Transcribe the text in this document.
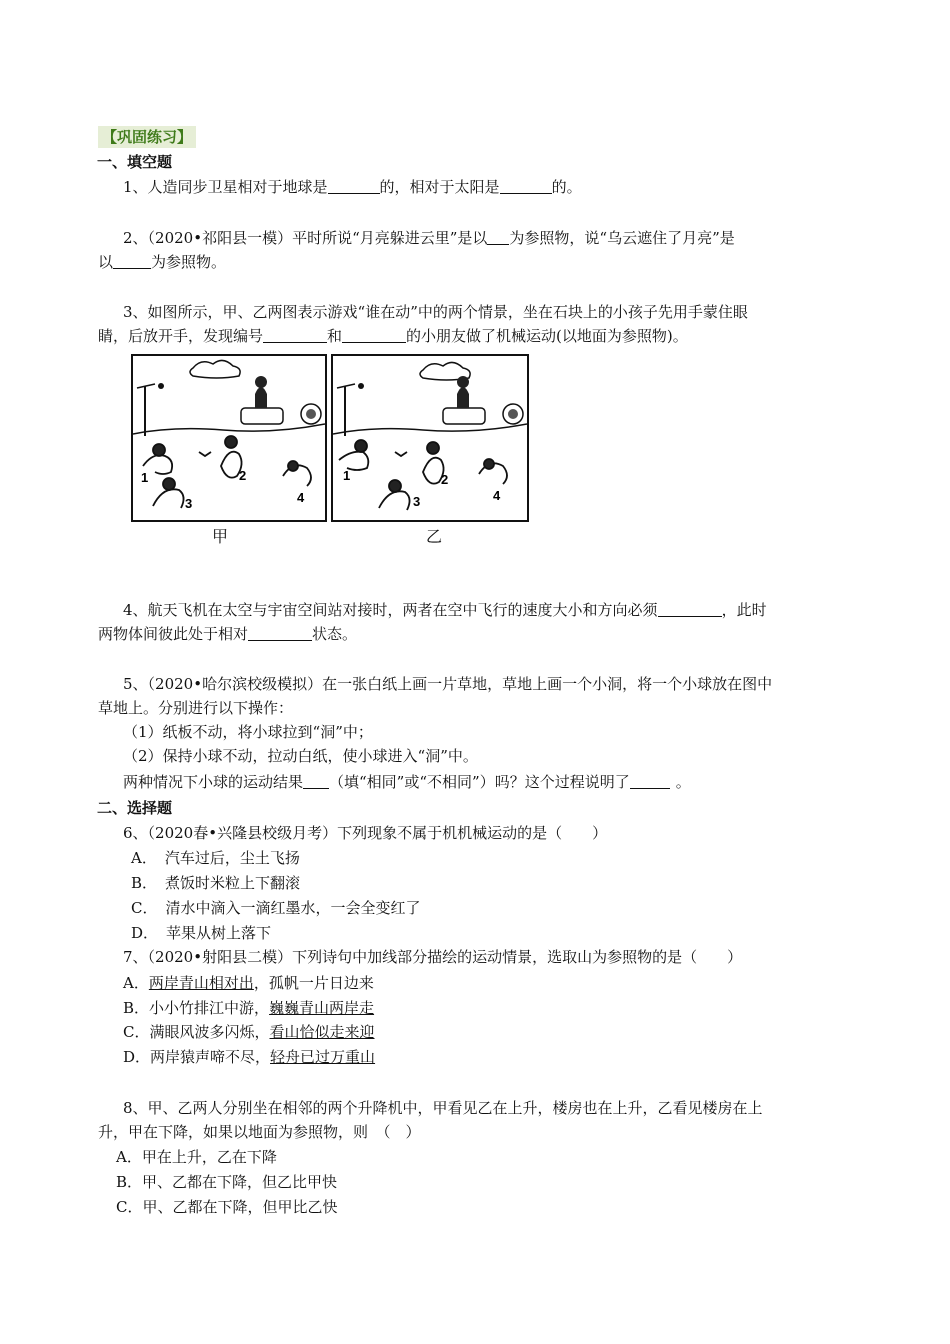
【巩固练习】
一、填空题
1、人造同步卫星相对于地球是	的，相对于太阳是	的。
2、（2020•祁阳县一模）平时所说“月亮躲进云里”是以 为参照物，说“乌云遮住了月亮”是
以	为参照物。
3、如图所示，甲、乙两图表示游戏“谁在动”中的两个情景，坐在石块上的小孩子先用手蒙住眼
睛，后放开手，发现编号	和	的小朋友做了机械运动(以地面为参照物)。
1	2
3	4
1	2
3	4
甲	乙
4、航天飞机在太空与宇宙空间站对接时，两者在空中飞行的速度大小和方向必须	，此时
两物体间彼此处于相对	状态。
5、（2020•哈尔滨校级模拟）在一张白纸上画一片草地，草地上画一个小洞，将一个小球放在图中
草地上。分别进行以下操作：
（1）纸板不动，将小球拉到“洞”中；
（2）保持小球不动，拉动白纸，使小球进入“洞”中。
两种情况下小球的运动结果 （填“相同”或“不相同”）吗？这个过程说明了	。
二、选择题
6、（2020春•兴隆县校级月考）下列现象不属于机机械运动的是（　　）
A． 汽车过后，尘土飞扬
B． 煮饭时米粒上下翻滚
C． 清水中滴入一滴红墨水，一会全变红了
D． 苹果从树上落下
7、（2020•射阳县二模）下列诗句中加线部分描绘的运动情景，选取山为参照物的是（　　）
A．两岸青山相对出，孤帆一片日边来
B．小小竹排江中游，巍巍青山两岸走
C．满眼风波多闪烁，看山恰似走来迎
D．两岸猿声啼不尽，轻舟已过万重山
8、甲、乙两人分别坐在相邻的两个升降机中，甲看见乙在上升，楼房也在上升，乙看见楼房在上
升，甲在下降，如果以地面为参照物，则　（　）
A．甲在上升，乙在下降
B．甲、乙都在下降，但乙比甲快
C．甲、乙都在下降，但甲比乙快
